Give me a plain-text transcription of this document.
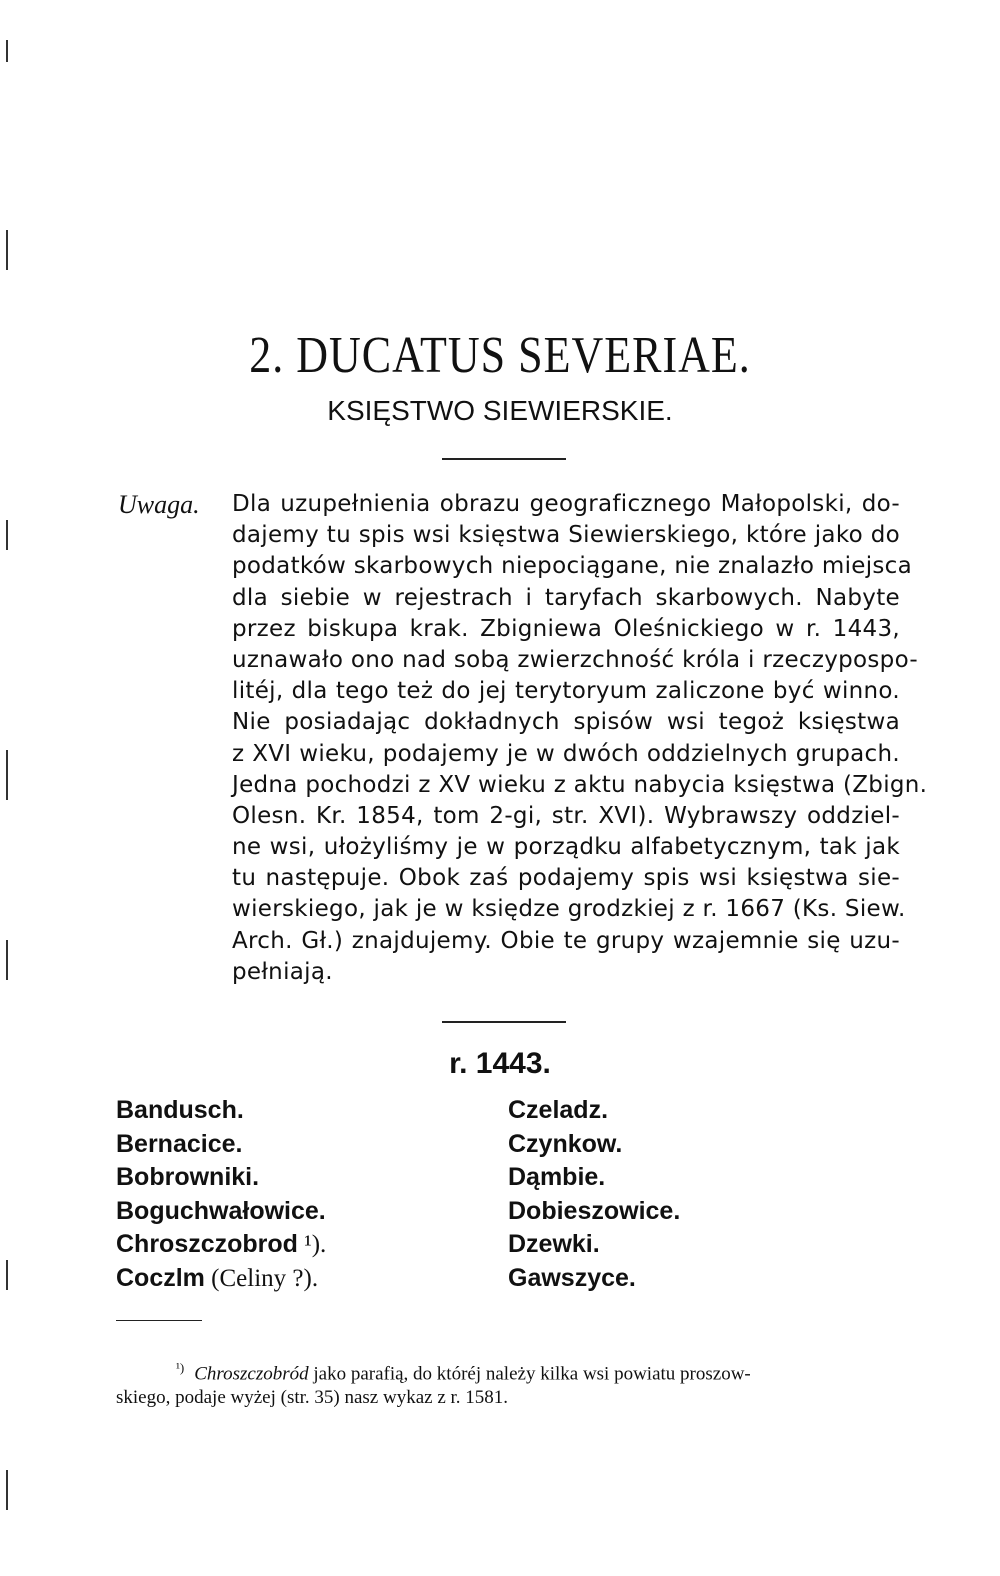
2. DUCATUS SEVERIAE.
KSIĘSTWO SIEWIERSKIE.
Uwaga. Dla uzupełnienia obrazu geograficznego Małopolski, do-
dajemy tu spis wsi księstwa Siewierskiego, które jako do
podatków skarbowych niepociągane, nie znalazło miejsca
dla siebie w rejestrach i taryfach skarbowych. Nabyte
przez biskupa krak. Zbigniewa Oleśnickiego w r. 1443,
uznawało ono nad sobą zwierzchność króla i rzeczypospo-
litéj, dla tego też do jej terytoryum zaliczone być winno.
Nie posiadając dokładnych spisów wsi tegoż księstwa
z XVI wieku, podajemy je w dwóch oddzielnych grupach.
Jedna pochodzi z XV wieku z aktu nabycia księstwa (Zbign.
Olesn. Kr. 1854, tom 2-gi, str. XVI). Wybrawszy oddziel-
ne wsi, ułożyliśmy je w porządku alfabetycznym, tak jak
tu następuje. Obok zaś podajemy spis wsi księstwa sie-
wierskiego, jak je w księdze grodzkiej z r. 1667 (Ks. Siew.
Arch. Gł.) znajdujemy. Obie te grupy wzajemnie się uzu-
pełniają.
r. 1443.
Bandusch.
Bernacice.
Bobrowniki.
Boguchwałowice.
Chroszczobrod ¹).
Coczlm (Celiny ?).
Czeladz.
Czynkow.
Dąmbie.
Dobieszowice.
Dzewki.
Gawszyce.
$^{^1)}$ Chroszczobród jako parafią, do któréj należy kilka wsi powiatu proszow-
skiego, podaje wyżej (str. 35) nasz wykaz z r. 1581.
